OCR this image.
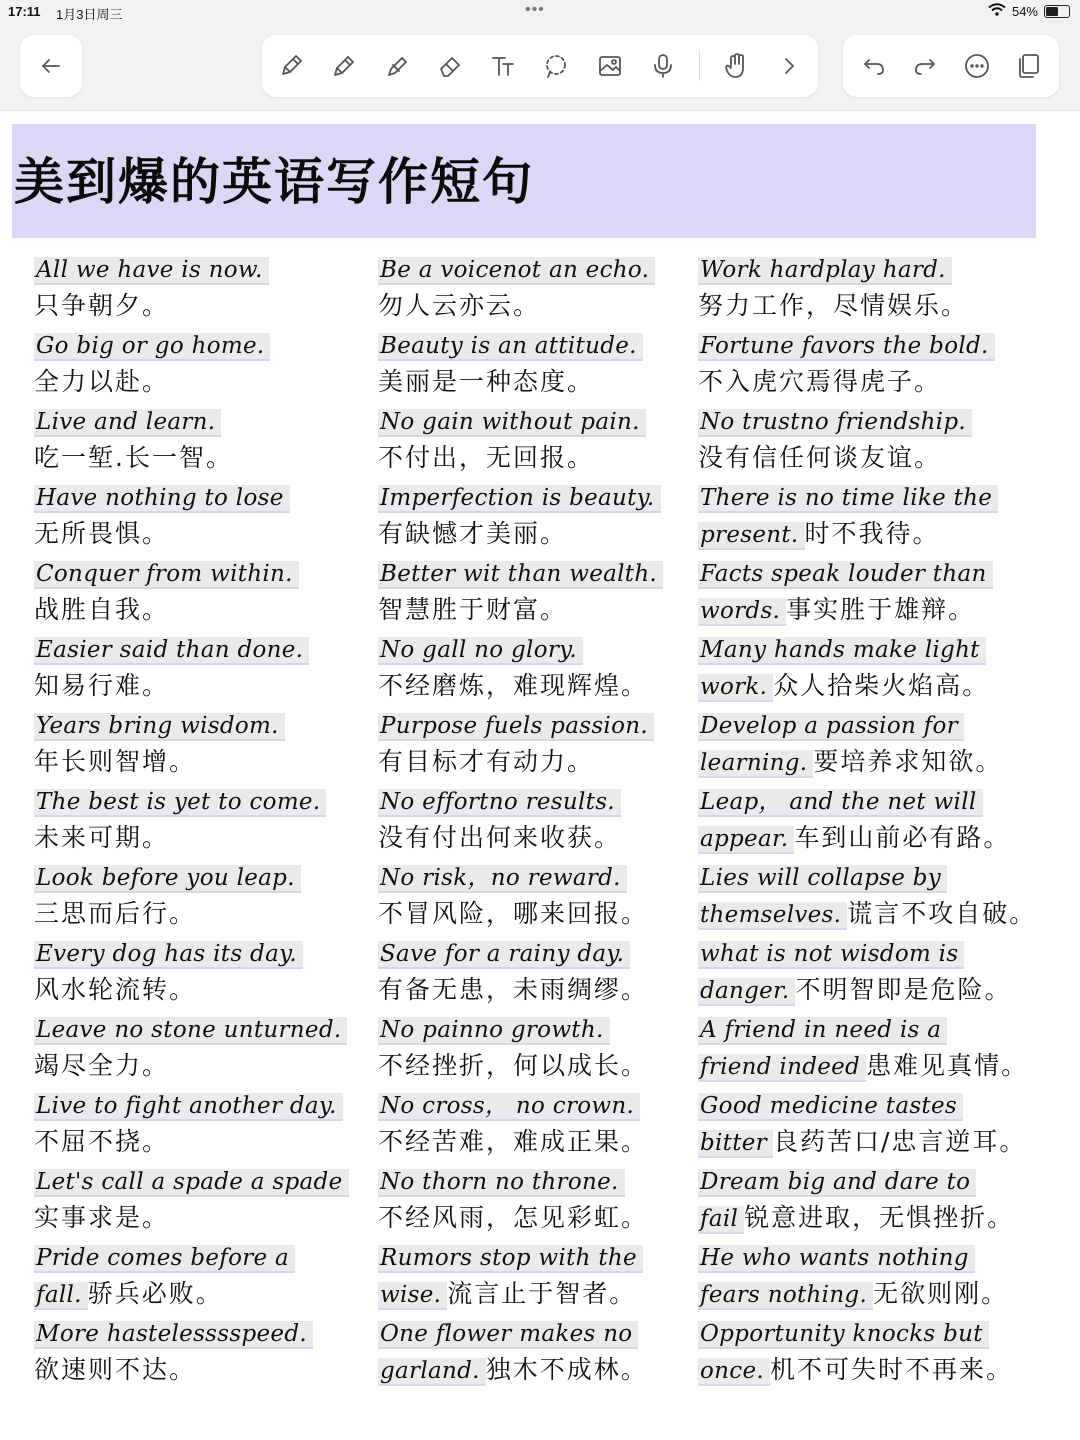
17:11 1月3日周三	•••	54%
美到爆的英语写作短句
All we have is now.
只争朝夕。
Go big or go home.
全力以赴。
Live and learn.
吃一堑.长一智。
Have nothing to lose
无所畏惧。
Conquer from within.
战胜自我。
Easier said than done.
知易行难。
Years bring wisdom.
年长则智增。
The best is yet to come.
未来可期。
Look before you leap.
三思而后行。
Every dog has its day.
风水轮流转。
Leave no stone unturned.
竭尽全力。
Live to fight another day.
不屈不挠。
Let's call a spade a spade
实事求是。
Pride comes before a
fall. 骄兵必败。
More hastelesssspeed.
欲速则不达。
Be a voicenot an echo.
勿人云亦云。
Beauty is an attitude.
美丽是一种态度。
No gain without pain.
不付出，无回报。
Imperfection is beauty.
有缺憾才美丽。
Better wit than wealth.
智慧胜于财富。
No gall no glory.
不经磨炼，难现辉煌。
Purpose fuels passion.
有目标才有动力。
No effortno results.
没有付出何来收获。
No risk，no reward.
不冒风险，哪来回报。
Save for a rainy day.
有备无患，未雨绸缪。
No painno growth.
不经挫折，何以成长。
No cross， no crown.
不经苦难，难成正果。
No thorn no throne.
不经风雨，怎见彩虹。
Rumors stop with the
wise. 流言止于智者。
One flower makes no
garland. 独木不成林。
Work hardplay hard.
努力工作，尽情娱乐。
Fortune favors the bold.
不入虎穴焉得虎子。
No trustno friendship.
没有信任何谈友谊。
There is no time like the
present. 时不我待。
Facts speak louder than
words. 事实胜于雄辩。
Many hands make light
work. 众人拾柴火焰高。
Develop a passion for
learning. 要培养求知欲。
Leap， and the net will
appear. 车到山前必有路。
Lies will collapse by
themselves. 谎言不攻自破。
what is not wisdom is
danger. 不明智即是危险。
A friend in need is a
friend indeed 患难见真情。
Good medicine tastes
bitter 良药苦口/忠言逆耳。
Dream big and dare to
fail 锐意进取，无惧挫折。
He who wants nothing
fears nothing. 无欲则刚。
Opportunity knocks but
once. 机不可失时不再来。
